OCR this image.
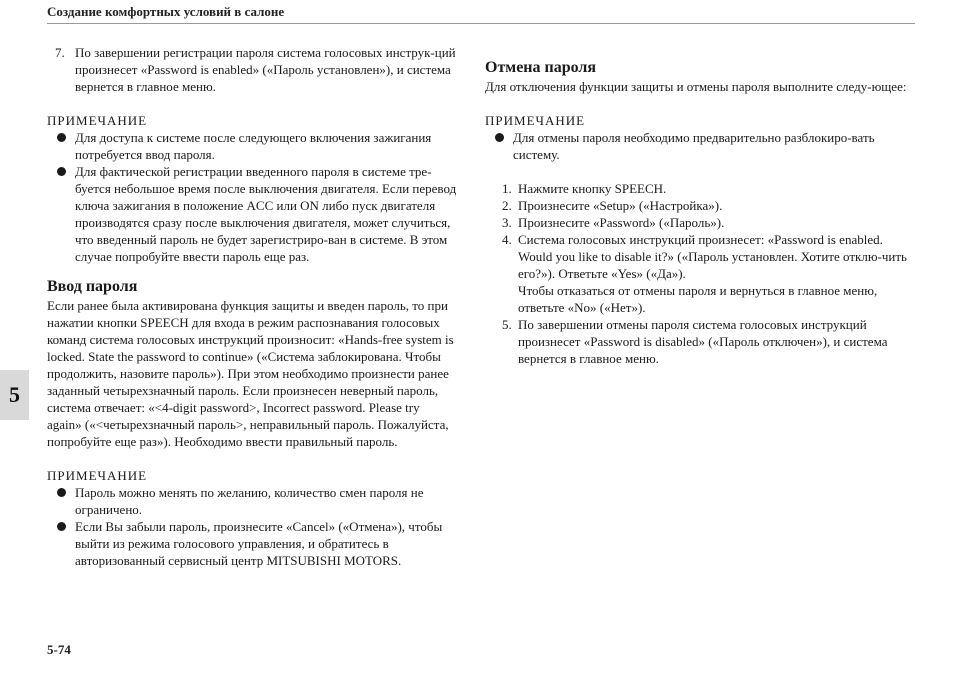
Создание комфортных условий в салоне
5

7. По завершении регистрации пароля система голосовых инструк-ций произнесет «Password is enabled» («Пароль установлен»), и система вернется в главное меню.

ПРИМЕЧАНИЕ

Для доступа к системе после следующего включения зажигания потребуется ввод пароля.

Для фактической регистрации введенного пароля в системе тре-буется небольшое время после выключения двигателя. Если перевод ключа зажигания в положение ACC или ON либо пуск двигателя производятся сразу после выключения двигателя, может случиться, что введенный пароль не будет зарегистриро-ван в системе. В этом случае попробуйте ввести пароль еще раз.

Ввод пароля

Если ранее была активирована функция защиты и введен пароль, то при нажатии кнопки SPEECH для входа в режим распознавания голосовых команд система голосовых инструкций произносит: «Hands-free system is locked. State the password to continue» («Система заблокирована. Чтобы продолжить, назовите пароль»). При этом необходимо произнести ранее заданный четырехзначный пароль. Если произнесен неверный пароль, система отвечает: «<4-digit password>, Incorrect password. Please try again» («<четырехзначный пароль>, неправильный пароль. Пожалуйста, попробуйте еще раз»). Необходимо ввести правильный пароль.

ПРИМЕЧАНИЕ

Пароль можно менять по желанию, количество смен пароля не ограничено.

Если Вы забыли пароль, произнесите «Cancel» («Отмена»), чтобы выйти из режима голосового управления, и обратитесь в авторизованный сервисный центр MITSUBISHI MOTORS.

Отмена пароля

Для отключения функции защиты и отмены пароля выполните следу-ющее:

ПРИМЕЧАНИЕ

Для отмены пароля необходимо предварительно разблокиро-вать систему.

1. Нажмите кнопку SPEECH.

2. Произнесите «Setup» («Настройка»).

3. Произнесите «Password» («Пароль»).

4. Система голосовых инструкций произнесет: «Password is enabled. Would you like to disable it?» («Пароль установлен. Хотите отклю-чить его?»). Ответьте «Yes» («Да»).

Чтобы отказаться от отмены пароля и вернуться в главное меню, ответьте «No» («Нет»).

5. По завершении отмены пароля система голосовых инструкций произнесет «Password is disabled» («Пароль отключен»), и система вернется в главное меню.

5-74
